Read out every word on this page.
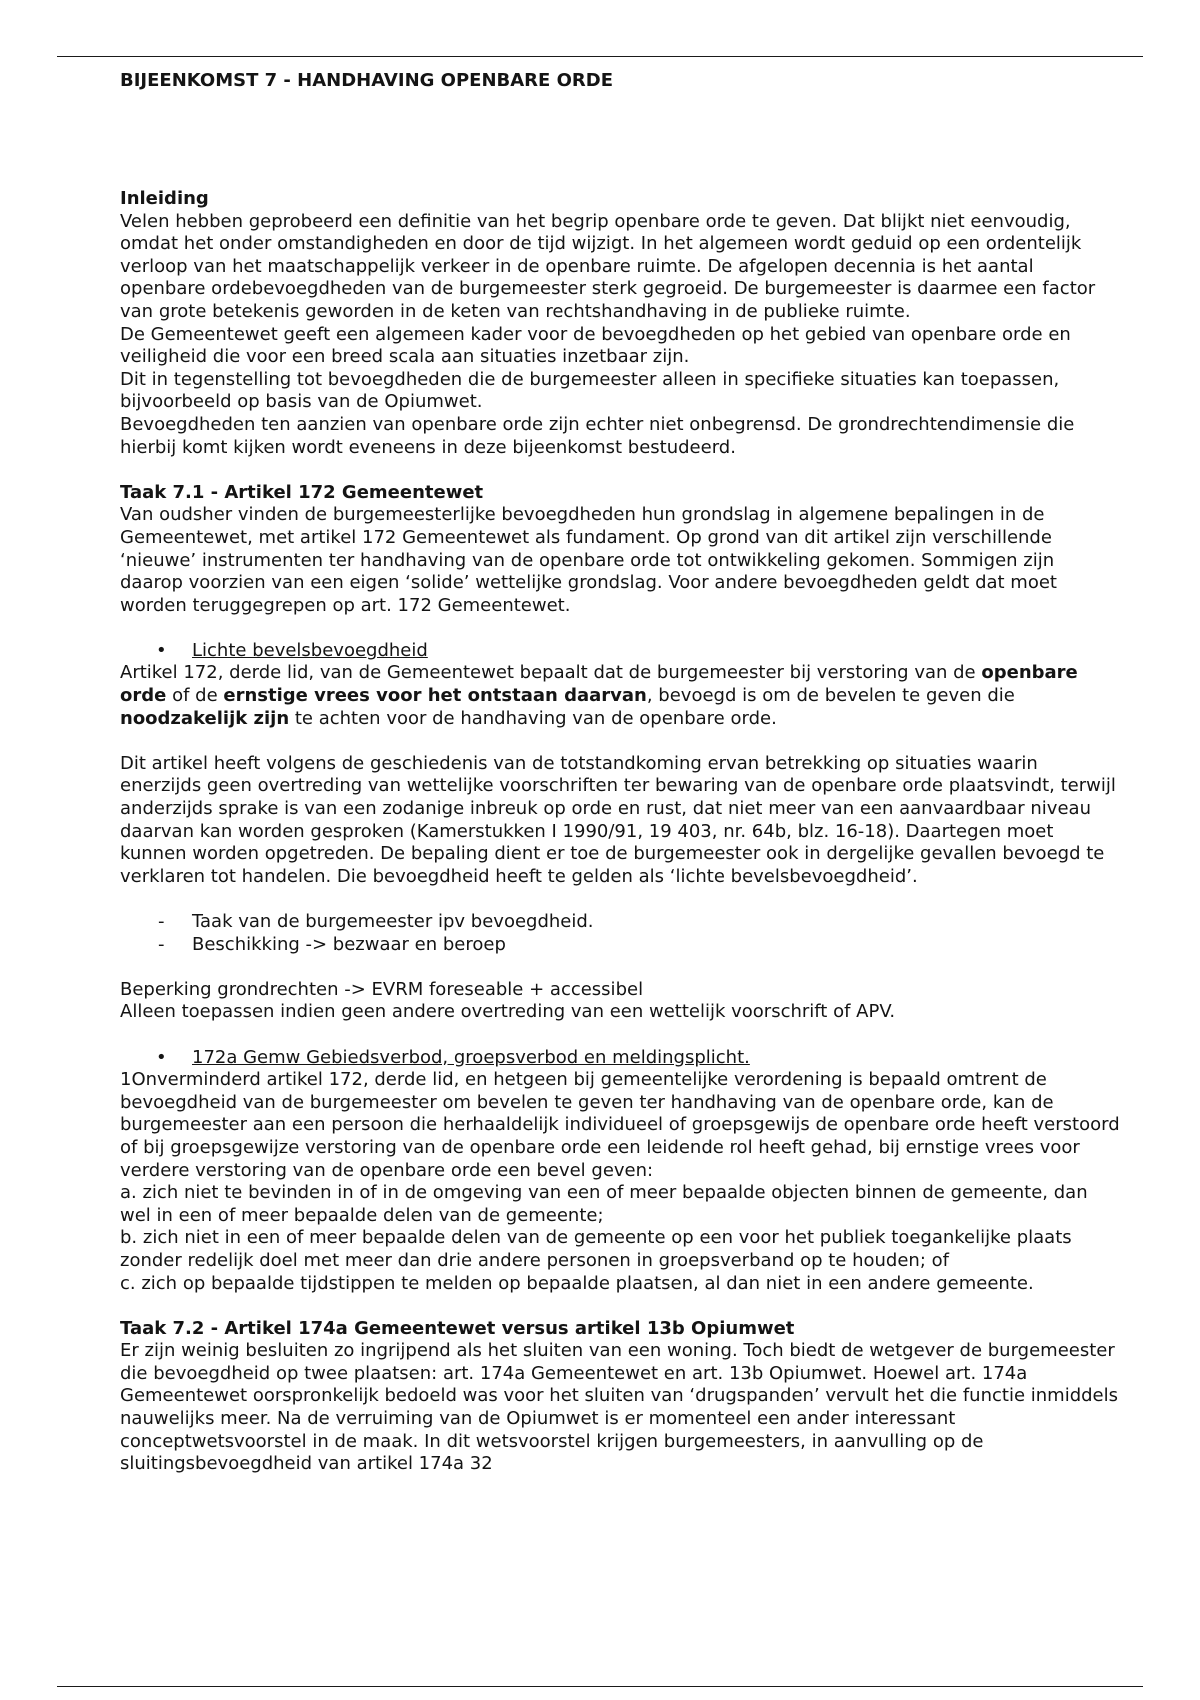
BIJEENKOMST 7 - HANDHAVING OPENBARE ORDE
Inleiding

Velen hebben geprobeerd een definitie van het begrip openbare orde te geven. Dat blijkt niet eenvoudig, omdat het onder omstandigheden en door de tijd wijzigt. In het algemeen wordt geduid op een ordentelijk verloop van het maatschappelijk verkeer in de openbare ruimte. De afgelopen decennia is het aantal openbare ordebevoegdheden van de burgemeester sterk gegroeid. De burgemeester is daarmee een factor van grote betekenis geworden in de keten van rechtshandhaving in de publieke ruimte.

De Gemeentewet geeft een algemeen kader voor de bevoegdheden op het gebied van openbare orde en veiligheid die voor een breed scala aan situaties inzetbaar zijn.

Dit in tegenstelling tot bevoegdheden die de burgemeester alleen in specifieke situaties kan toepassen, bijvoorbeeld op basis van de Opiumwet.

Bevoegdheden ten aanzien van openbare orde zijn echter niet onbegrensd. De grondrechtendimensie die hierbij komt kijken wordt eveneens in deze bijeenkomst bestudeerd.

Taak 7.1 - Artikel 172 Gemeentewet

Van oudsher vinden de burgemeesterlijke bevoegdheden hun grondslag in algemene bepalingen in de Gemeentewet, met artikel 172 Gemeentewet als fundament. Op grond van dit artikel zijn verschillende ‘nieuwe’ instrumenten ter handhaving van de openbare orde tot ontwikkeling gekomen. Sommigen zijn daarop voorzien van een eigen ‘solide’ wettelijke grondslag. Voor andere bevoegdheden geldt dat moet worden teruggegrepen op art. 172 Gemeentewet.

• Lichte bevelsbevoegdheid

Artikel 172, derde lid, van de Gemeentewet bepaalt dat de burgemeester bij verstoring van de openbare orde of de ernstige vrees voor het ontstaan daarvan, bevoegd is om de bevelen te geven die noodzakelijk zijn te achten voor de handhaving van de openbare orde.

Dit artikel heeft volgens de geschiedenis van de totstandkoming ervan betrekking op situaties waarin enerzijds geen overtreding van wettelijke voorschriften ter bewaring van de openbare orde plaatsvindt, terwijl anderzijds sprake is van een zodanige inbreuk op orde en rust, dat niet meer van een aanvaardbaar niveau daarvan kan worden gesproken (Kamerstukken I 1990/91, 19 403, nr. 64b, blz. 16-18). Daartegen moet kunnen worden opgetreden. De bepaling dient er toe de burgemeester ook in dergelijke gevallen bevoegd te verklaren tot handelen. Die bevoegdheid heeft te gelden als ‘lichte bevelsbevoegdheid’.

- Taak van de burgemeester ipv bevoegdheid.
- Beschikking -> bezwaar en beroep

Beperking grondrechten -> EVRM foreseable + accessibel

Alleen toepassen indien geen andere overtreding van een wettelijk voorschrift of APV.

• 172a Gemw Gebiedsverbod, groepsverbod en meldingsplicht.

1Onverminderd artikel 172, derde lid, en hetgeen bij gemeentelijke verordening is bepaald omtrent de bevoegdheid van de burgemeester om bevelen te geven ter handhaving van de openbare orde, kan de burgemeester aan een persoon die herhaaldelijk individueel of groepsgewijs de openbare orde heeft verstoord of bij groepsgewijze verstoring van de openbare orde een leidende rol heeft gehad, bij ernstige vrees voor verdere verstoring van de openbare orde een bevel geven:

a. zich niet te bevinden in of in de omgeving van een of meer bepaalde objecten binnen de gemeente, dan wel in een of meer bepaalde delen van de gemeente;

b. zich niet in een of meer bepaalde delen van de gemeente op een voor het publiek toegankelijke plaats zonder redelijk doel met meer dan drie andere personen in groepsverband op te houden; of

c. zich op bepaalde tijdstippen te melden op bepaalde plaatsen, al dan niet in een andere gemeente.

Taak 7.2 - Artikel 174a Gemeentewet versus artikel 13b Opiumwet

Er zijn weinig besluiten zo ingrijpend als het sluiten van een woning. Toch biedt de wetgever de burgemeester die bevoegdheid op twee plaatsen: art. 174a Gemeentewet en art. 13b Opiumwet. Hoewel art. 174a Gemeentewet oorspronkelijk bedoeld was voor het sluiten van ‘drugspanden’ vervult het die functie inmiddels nauwelijks meer. Na de verruiming van de Opiumwet is er momenteel een ander interessant conceptwetsvoorstel in de maak. In dit wetsvoorstel krijgen burgemeesters, in aanvulling op de sluitingsbevoegdheid van artikel 174a 32
